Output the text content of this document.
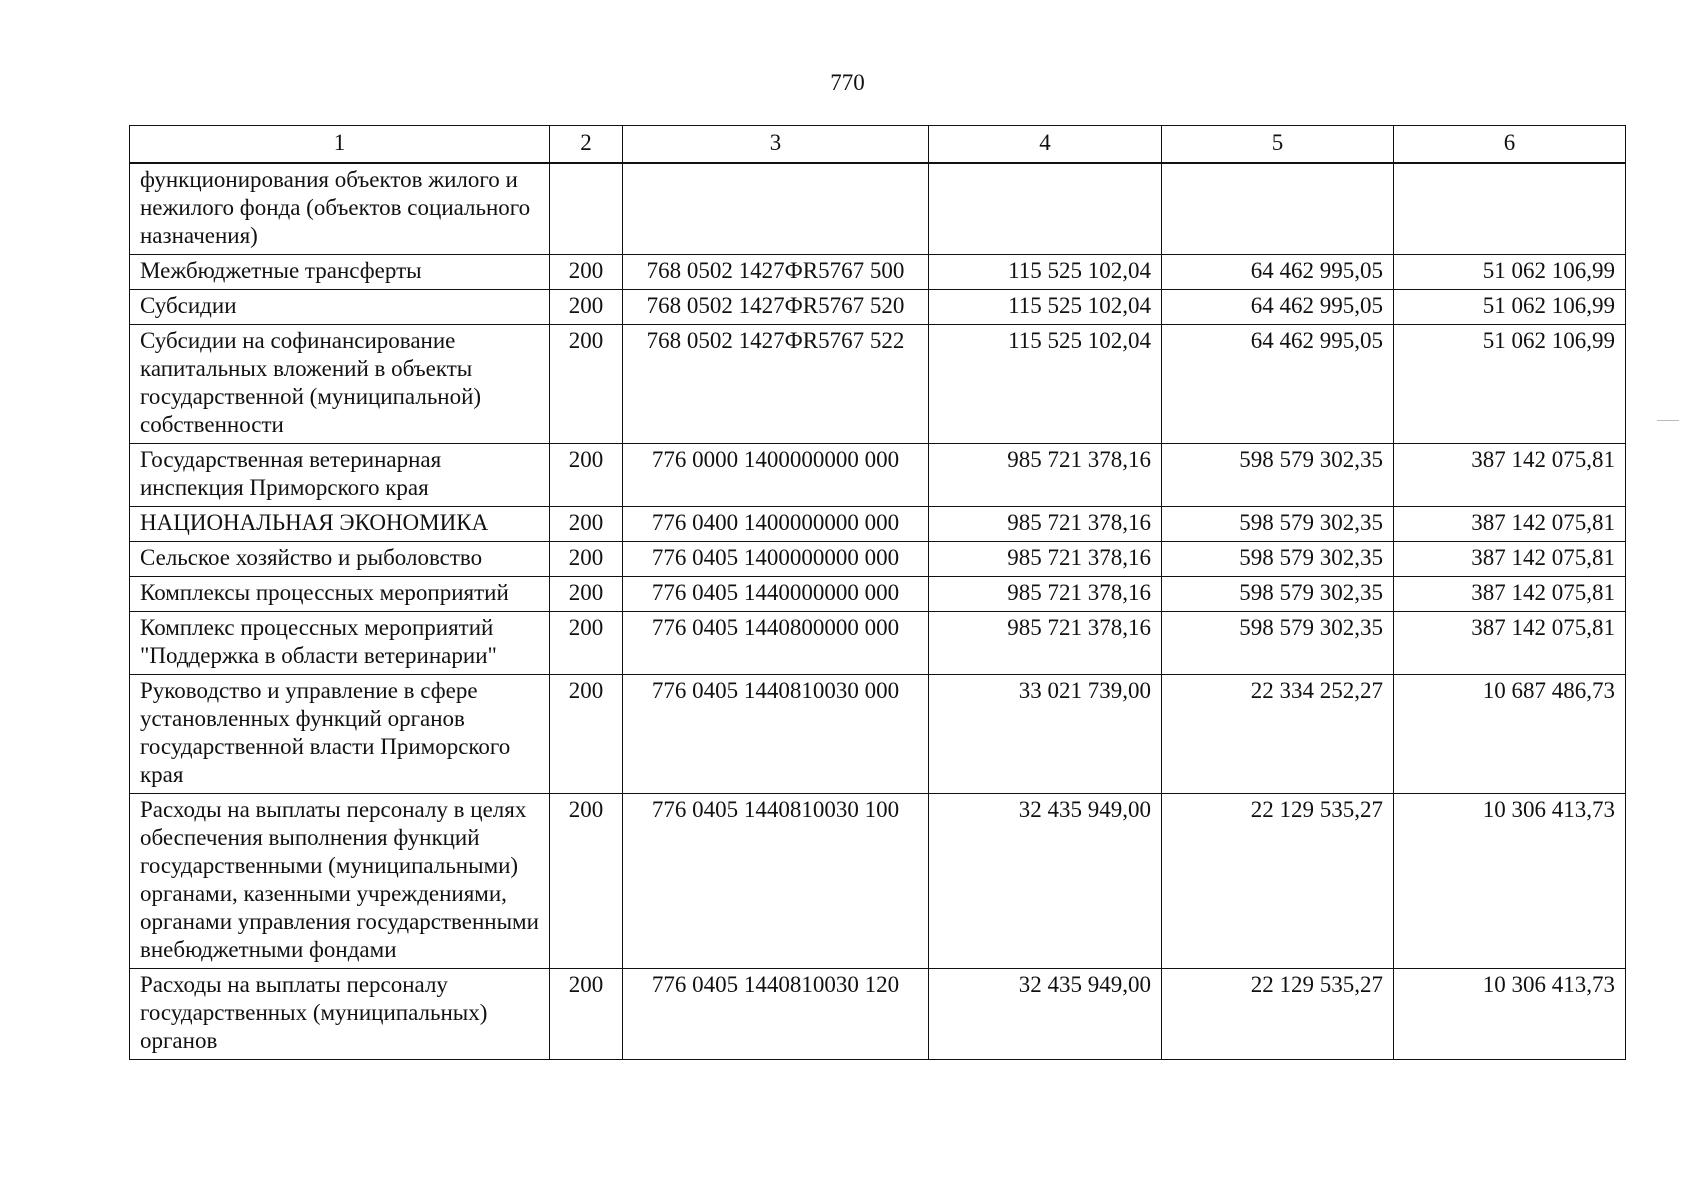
770
1	2	3	4	5	6
функционирования объектов жилого и нежилого фонда (объектов социального назначения)					
Межбюджетные трансферты	200	768 0502 1427ФR5767 500	115 525 102,04	64 462 995,05	51 062 106,99
Субсидии	200	768 0502 1427ФR5767 520	115 525 102,04	64 462 995,05	51 062 106,99
Субсидии на софинансирование капитальных вложений в объекты государственной (муниципальной) собственности	200	768 0502 1427ФR5767 522	115 525 102,04	64 462 995,05	51 062 106,99
Государственная ветеринарная инспекция Приморского края	200	776 0000 1400000000 000	985 721 378,16	598 579 302,35	387 142 075,81
НАЦИОНАЛЬНАЯ ЭКОНОМИКА	200	776 0400 1400000000 000	985 721 378,16	598 579 302,35	387 142 075,81
Сельское хозяйство и рыболовство	200	776 0405 1400000000 000	985 721 378,16	598 579 302,35	387 142 075,81
Комплексы процессных мероприятий	200	776 0405 1440000000 000	985 721 378,16	598 579 302,35	387 142 075,81
Комплекс процессных мероприятий "Поддержка в области ветеринарии"	200	776 0405 1440800000 000	985 721 378,16	598 579 302,35	387 142 075,81
Руководство и управление в сфере установленных функций органов государственной власти Приморского края	200	776 0405 1440810030 000	33 021 739,00	22 334 252,27	10 687 486,73
Расходы на выплаты персоналу в целях обеспечения выполнения функций государственными (муниципальными) органами, казенными учреждениями, органами управления государственными внебюджетными фондами	200	776 0405 1440810030 100	32 435 949,00	22 129 535,27	10 306 413,73
Расходы на выплаты персоналу государственных (муниципальных) органов	200	776 0405 1440810030 120	32 435 949,00	22 129 535,27	10 306 413,73
